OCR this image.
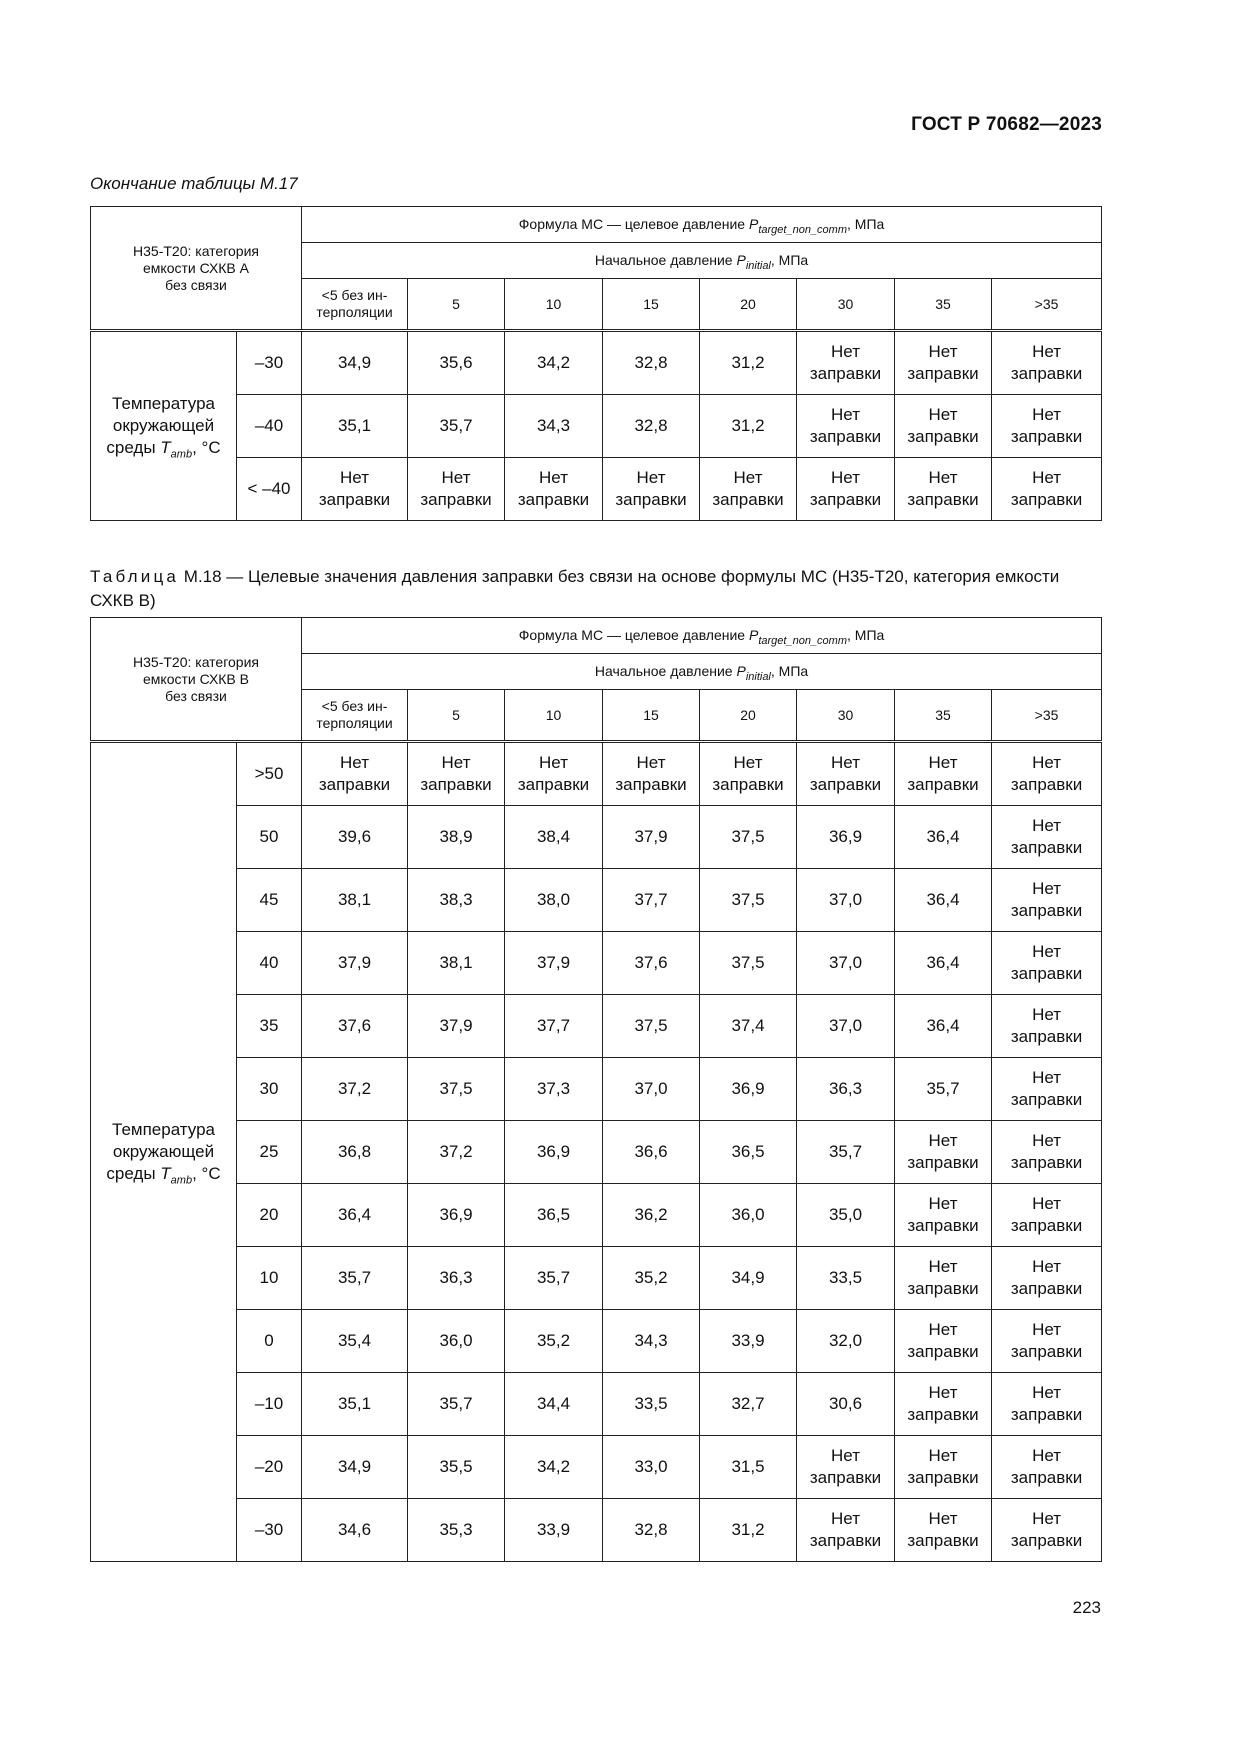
ГОСТ Р 70682—2023
Окончание таблицы М.17
Н35-Т20: категория
емкости СХКВ А
без связи		Формула МС — целевое давление $P_{target\_non\_comm}$, МПа							
		Начальное давление $P_{initial}$, МПа							

		<5 без ин-
терполяции	5	10	15	20	30	35	>35

Температура
окружающей
среды $T_{amb}$, °С	–30	34,9	35,6	34,2	32,8	31,2	Нет
заправки	Нет
заправки	Нет
заправки

	–40	35,1	35,7	34,3	32,8	31,2	Нет
заправки	Нет
заправки	Нет
заправки

	< –40	Нет
заправки	Нет
заправки	Нет
заправки	Нет
заправки	Нет
заправки	Нет
заправки	Нет
заправки	Нет
заправки
Таблица М.18 — Целевые значения давления заправки без связи на основе формулы МС (Н35-Т20, категория емкости СХКВ В)
Н35-Т20: категория
емкости СХКВ В
без связи		Формула МС — целевое давление $P_{target\_non\_comm}$, МПа							
		Начальное давление $P_{initial}$, МПа							

		<5 без ин-
терполяции	5	10	15	20	30	35	>35

Температура
окружающей
среды $T_{amb}$, °С	>50	Нет
заправки	Нет
заправки	Нет
заправки	Нет
заправки	Нет
заправки	Нет
заправки	Нет
заправки	Нет
заправки

	50	39,6	38,9	38,4	37,9	37,5	36,9	36,4	Нет
заправки

	45	38,1	38,3	38,0	37,7	37,5	37,0	36,4	Нет
заправки

	40	37,9	38,1	37,9	37,6	37,5	37,0	36,4	Нет
заправки

	35	37,6	37,9	37,7	37,5	37,4	37,0	36,4	Нет
заправки

	30	37,2	37,5	37,3	37,0	36,9	36,3	35,7	Нет
заправки

	25	36,8	37,2	36,9	36,6	36,5	35,7	Нет
заправки	Нет
заправки

	20	36,4	36,9	36,5	36,2	36,0	35,0	Нет
заправки	Нет
заправки

	10	35,7	36,3	35,7	35,2	34,9	33,5	Нет
заправки	Нет
заправки

	0	35,4	36,0	35,2	34,3	33,9	32,0	Нет
заправки	Нет
заправки

	–10	35,1	35,7	34,4	33,5	32,7	30,6	Нет
заправки	Нет
заправки

	–20	34,9	35,5	34,2	33,0	31,5	Нет
заправки	Нет
заправки	Нет
заправки

	–30	34,6	35,3	33,9	32,8	31,2	Нет
заправки	Нет
заправки	Нет
заправки
223
